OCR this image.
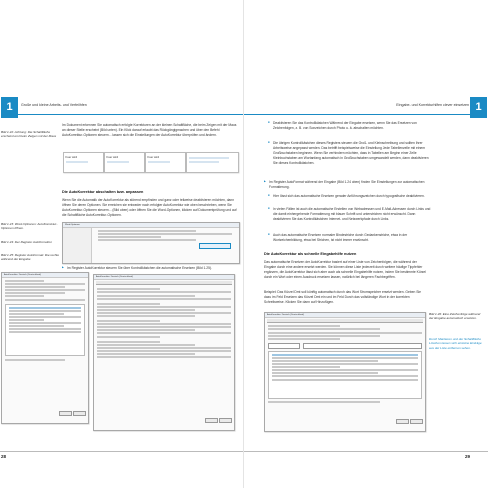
1	Große und kleine Arbeits- und Verfeilhfen
Im Dokument erkennen Sie automatisch erfolgte Korrekturen an der kleinen Schaltfläche, die beim Zeigen mit der Maus an dieser Stelle erscheint (Bild unten). Ein Klick darauf erlaubt das Rückgängigmachen und über den Befehl AutoKorrektur-Optionen steuern... lassen sich die Einstellungen der AutoKorrektur überprüfen und ändern.
Bild 1.22: Achtung: Die Schaltfläche erscheint erst beim Zeigen mit der Maus
Fuer wird	Fuer wird	Fuer wird
Die AutoKorrektur abschalten bzw. anpassen
Wenn Sie die Automatik der AutoKorrektur als störend empfinden und ganz oder teilweise deaktivieren möchten, dann öffnen Sie deren Optionen. Sie erreichen sie entweder nach erfolgter AutoKorrektur wie oben beschrieben, wenn Sie AutoKorrektur-Optionen steuern... (Bild oben) oder öffnen Sie die Word-Optionen, klicken auf Dokumentprüfung und auf die Schaltfläche AutoKorrektur-Optionen.
Bild 1.23: Word-Optionen: AutoKorrektur-Optionen öffnen.
Bild 1.24: Der Register AutoKorrektur
Bild 1.25: Register AutoFormat: Die rechte während der Eingabe
Word-Optionen
▶ Im Register AutoKorrektur steuern Sie über Kontrollkästchen die automatische Ersetzen (Bild 1.25).
AutoKorrektur: Deutsch (Deutschland)
AutoKorrektur: Deutsch (Deutschland)
28
1
Eingabe- und Korrekturhilfen clever einsetzen
■ Deaktivieren Sie das Kontrollkästchen Während der Eingabe ersetzen, wenn Sie das Ersetzen von Zeichenfolgen, z. B. von Sonzeichen durch Photo u. ä. abschalten möchten.
■ Die übrigen Kontrollkästchen dieses Registers steuern die Groß- und Kleinschreibung und sollten Ihrer Arbeitsweise angepasst werden. Das betrifft beispielsweise die Einstellung Jede Tabellenzelle mit einem Großbuchstaben beginnen. Wenn Sie verhindern möchten, dass in Tabellen am Beginn einer Zelle Kleinbuchstaben am Wortanfang automatisch in Großbuchstaben umgewandelt werden, dann deaktivieren Sie dieses Kontrollkästchen.
▶ Im Register AutoFormat während der Eingabe (Bild 1.24 oben) finden Sie Einstellungen zur automatischen Formatierung.
■ Hier lösst sich das automatische Ersetzen gerader Anführungszeichen durch typografische deaktivieren.
■ In vielen Fällen ist auch die automatische Erstellen von Webadressen und E-Mail-Adressen durch Links und die damit einhergehende Formatierung mit blauer Schrift und unterstrichen nicht erwünscht. Dann deaktivieren Sie das Kontrollkästchen Internet- und Netzwerkpfade durch Links.
■ Auch das automatische Ersetzen normaler Bindestriche durch Gedankenstriche, etwa in der Wortzeichenbildung, etwa bei Strichen, ist nicht immer erwünscht.
Die AutoKorrektur als schnelle Eingabehilfe nutzen
Das automatische Ersetzen der AutoKorrektur basiert auf einer Liste von Zeichenfolgen, die während der Eingabe durch eine andere ersetzt werden. Sie können diese Liste jederzeit durch weitere häufige Tippfehler ergänzen, die AutoKorrektur lässt sich aber auch als schnelle Eingabehilfe nutzen, indem Sie bestimmte Kürzel durch ein Wort oder einen Ausdruck ersetzen lassen, natürlich bei längeren Fachbegriffen.
Beispiel: Das Kürzel Dmt soll künftig automatisch durch das Wort Stromspeicher ersetzt werden. Geben Sie dazu im Feld Ersetzen das Kürzel Dmt ein und im Feld Durch das vollständige Wort in der korrekten Schreibweise. Klicken Sie dann auf Hinzufügen.
Bild 1.26: Eine Zeichenfolge während der Eingabe automatisch ersetzen.
Durch Markieren und der Schaltfläche Löschen lassen sich einzelne Einträge aus der Liste entfernen sehen.
AutoKorrektur: Deutsch (Deutschland)
29
